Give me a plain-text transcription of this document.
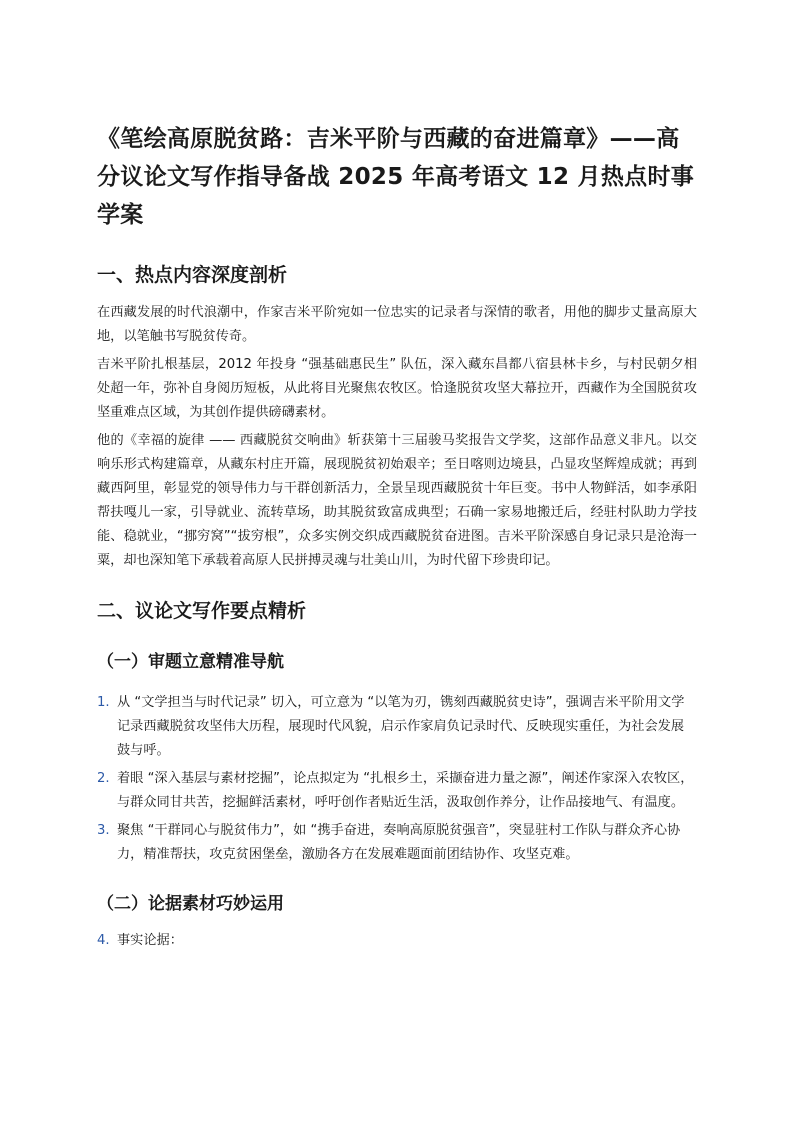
《笔绘高原脱贫路：吉米平阶与西藏的奋进篇章》——高分议论文写作指导备战 2025 年高考语文 12 月热点时事 学案
一、热点内容深度剖析

在西藏发展的时代浪潮中，作家吉米平阶宛如一位忠实的记录者与深情的歌者，用他的脚步丈量高原大地，以笔触书写脱贫传奇。

吉米平阶扎根基层，2012 年投身 “强基础惠民生” 队伍，深入藏东昌都八宿县林卡乡，与村民朝夕相处超一年，弥补自身阅历短板，从此将目光聚焦农牧区。恰逢脱贫攻坚大幕拉开，西藏作为全国脱贫攻坚重难点区域，为其创作提供磅礴素材。

他的《幸福的旋律 —— 西藏脱贫交响曲》斩获第十三届骏马奖报告文学奖，这部作品意义非凡。以交响乐形式构建篇章，从藏东村庄开篇，展现脱贫初始艰辛；至日喀则边境县，凸显攻坚辉煌成就；再到藏西阿里，彰显党的领导伟力与干群创新活力，全景呈现西藏脱贫十年巨变。书中人物鲜活，如李承阳帮扶嘎儿一家，引导就业、流转草场，助其脱贫致富成典型；石确一家易地搬迁后，经驻村队助力学技能、稳就业，“挪穷窝”“拔穷根”，众多实例交织成西藏脱贫奋进图。吉米平阶深感自身记录只是沧海一粟，却也深知笔下承载着高原人民拼搏灵魂与壮美山川，为时代留下珍贵印记。

二、议论文写作要点精析
（一）审题立意精准导航
1. 从 “文学担当与时代记录” 切入，可立意为 “以笔为刃，镌刻西藏脱贫史诗”，强调吉米平阶用文学记录西藏脱贫攻坚伟大历程，展现时代风貌，启示作家肩负记录时代、反映现实重任，为社会发展鼓与呼。
2. 着眼 “深入基层与素材挖掘”，论点拟定为 “扎根乡土，采撷奋进力量之源”，阐述作家深入农牧区，与群众同甘共苦，挖掘鲜活素材，呼吁创作者贴近生活，汲取创作养分，让作品接地气、有温度。
3. 聚焦 “干群同心与脱贫伟力”，如 “携手奋进，奏响高原脱贫强音”，突显驻村工作队与群众齐心协力，精准帮扶，攻克贫困堡垒，激励各方在发展难题面前团结协作、攻坚克难。
（二）论据素材巧妙运用
4. 事实论据：
